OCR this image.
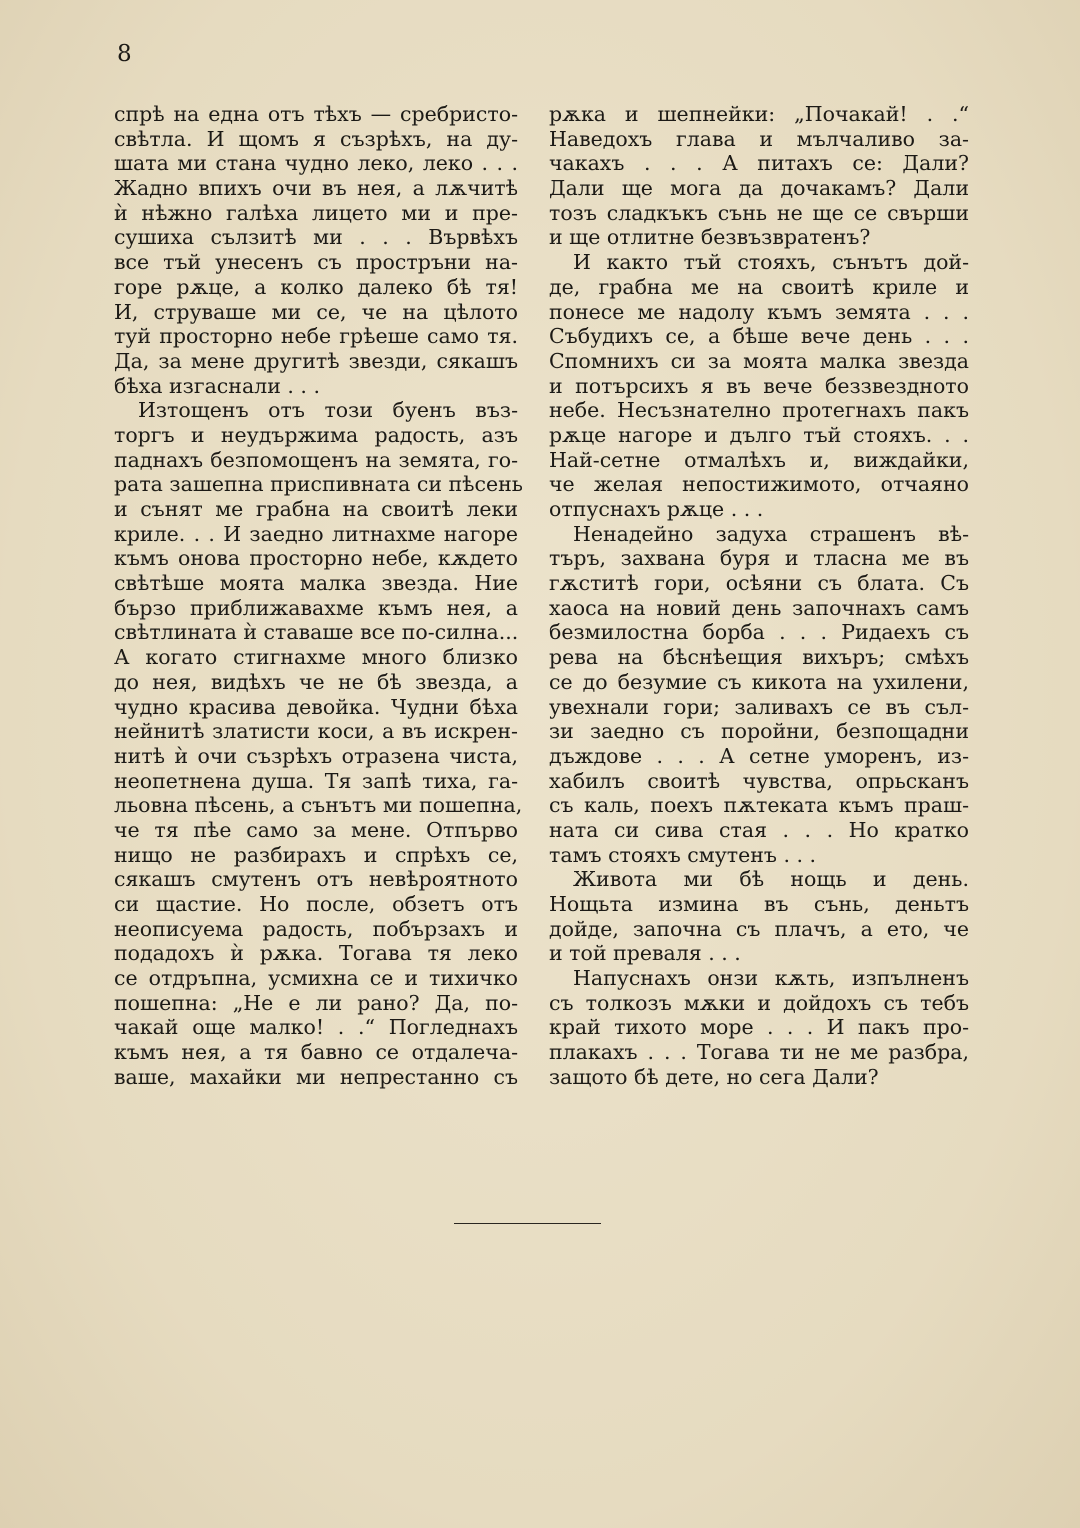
8
спрѣ на една отъ тѣхъ — сребристо-
свѣтла. И щомъ я съзрѣхъ, на ду-
шата ми стана чудно леко, леко . . .
Жадно впихъ очи въ нея, а лѫчитѣ
ѝ нѣжно галѣха лицето ми и пре-
сушиха сълзитѣ ми . . . Вървѣхъ
все тъй унесенъ съ простръни на-
горе рѫце, а колко далеко бѣ тя!
И, струваше ми се, че на цѣлото
туй просторно небе грѣеше само тя.
Да, за мене другитѣ звезди, сякашъ
бѣха изгаснали . . .
Изтощенъ отъ този буенъ въз-
торгъ и неудържима радость, азъ
паднахъ безпомощенъ на земята, го-
рата зашепна приспивната си пѣсень
и сънят ме грабна на своитѣ леки
криле. . . И заедно литнахме нагоре
къмъ онова просторно небе, кѫдето
свѣтѣше моята малка звезда. Ние
бързо приближавахме къмъ нея, а
свѣтлината ѝ ставаше все по-силна...
А когато стигнахме много близко
до нея, видѣхъ че не бѣ звезда, а
чудно красива девойка. Чудни бѣха
нейнитѣ златисти коси, а въ искрен-
нитѣ ѝ очи съзрѣхъ отразена чиста,
неопетнена душа. Тя запѣ тиха, га-
льовна пѣсень, а сънътъ ми пошепна,
че тя пѣе само за мене. Отпърво
нищо не разбирахъ и спрѣхъ се,
сякашъ смутенъ отъ невѣроятното
си щастие. Но после, обзетъ отъ
неописуема радость, побързахъ и
подадохъ ѝ рѫка. Тогава тя леко
се отдръпна, усмихна се и тихичко
пошепна: „Не е ли рано? Да, по-
чакай още малко! . .“ Погледнахъ
къмъ нея, а тя бавно се отдалеча-
ваше, махайки ми непрестанно съ
рѫка и шепнейки: „Почакай! . .“
Наведохъ глава и мълчаливо за-
чакахъ . . . А питахъ се: Дали?
Дали ще мога да дочакамъ? Дали
тозъ сладкъкъ сънь не ще се свърши
и ще отлитне безвъзвратенъ?
И както тъй стояхъ, сънътъ дой-
де, грабна ме на своитѣ криле и
понесе ме надолу къмъ земята . . .
Събудихъ се, а бѣше вече день . . .
Спомнихъ си за моята малка звезда
и потърсихъ я въ вече беззвездното
небе. Несъзнателно протегнахъ пакъ
рѫце нагоре и дълго тъй стояхъ. . .
Най-сетне отмалѣхъ и, виждайки,
че желая непостижимото, отчаяно
отпуснахъ рѫце . . .
Ненадейно задуха страшенъ вѣ-
търъ, захвана буря и тласна ме въ
гѫститѣ гори, осѣяни съ блата. Съ
хаоса на новий день започнахъ самъ
безмилостна борба . . . Ридаехъ съ
рева на бѣснѣещия вихъръ; смѣхъ
се до безумие съ кикота на ухилени,
увехнали гори; заливахъ се въ съл-
зи заедно съ поройни, безпощадни
дъждове . . . А сетне уморенъ, из-
хабилъ своитѣ чувства, опрьсканъ
съ каль, поехъ пѫтеката къмъ праш-
ната си сива стая . . . Но кратко
тамъ стояхъ смутенъ . . .
Живота ми бѣ нощь и день.
Нощьта измина въ сънь, деньтъ
дойде, започна съ плачъ, а ето, че
и той преваля . . .
Напуснахъ онзи кѫть, изпълненъ
съ толкозъ мѫки и дойдохъ съ тебъ
край тихото море . . . И пакъ про-
плакахъ . . . Тогава ти не ме разбра,
защото бѣ дете, но сега Дали?
